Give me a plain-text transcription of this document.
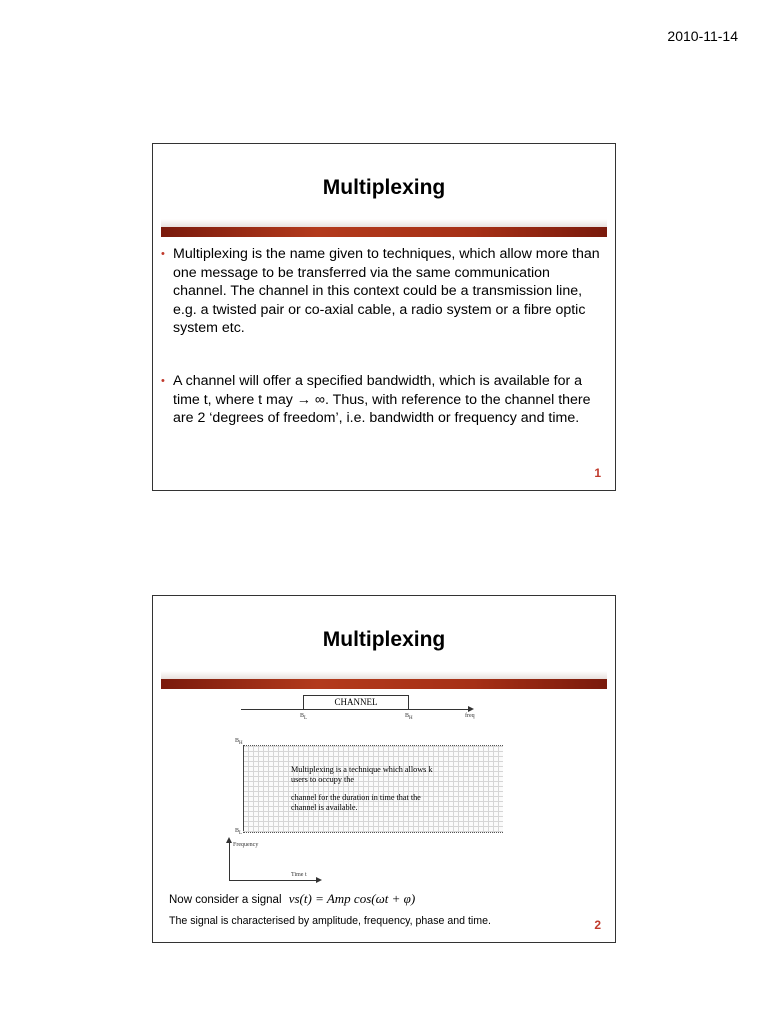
2010-11-14
Multiplexing
• Multiplexing is the name given to techniques, which allow more than one message to be transferred via the same communication channel. The channel in this context could be a transmission line, e.g. a twisted pair or co-axial cable, a radio system or a fibre optic system etc.
• A channel will offer a specified bandwidth, which is available for a time t, where t may → ∞. Thus, with reference to the channel there are 2 ‘degrees of freedom’, i.e. bandwidth or frequency and time.
1
Multiplexing
CHANNEL
$B_L$	$B_H$	freq
$B_H$
$B_L$
Multiplexing is a technique which allows k users to occupy the
channel for the duration in time that the channel is available.
Frequency
Time t
Now consider a signal vs(t) = Amp cos(ωt + φ)
The signal is characterised by amplitude, frequency, phase and time.	2
